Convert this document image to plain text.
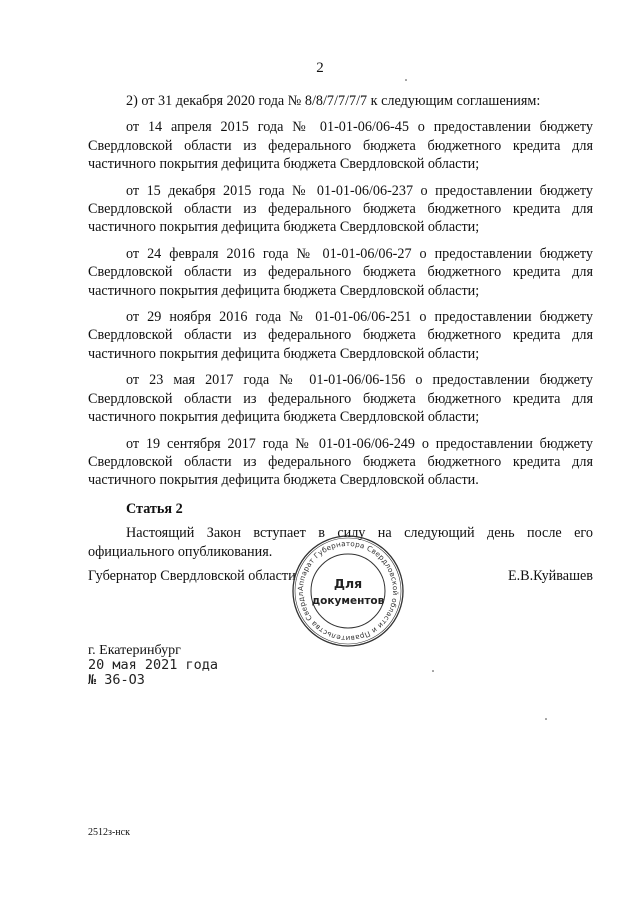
2

2) от 31 декабря 2020 года № 8/8/7/7/7/7 к следующим соглашениям:

от 14 апреля 2015 года № 01-01-06/06-45 о предоставлении бюджету Свердловской области из федерального бюджета бюджетного кредита для частичного покрытия дефицита бюджета Свердловской области;

от 15 декабря 2015 года № 01-01-06/06-237 о предоставлении бюджету Свердловской области из федерального бюджета бюджетного кредита для частичного покрытия дефицита бюджета Свердловской области;

от 24 февраля 2016 года № 01-01-06/06-27 о предоставлении бюджету Свердловской области из федерального бюджета бюджетного кредита для частичного покрытия дефицита бюджета Свердловской области;

от 29 ноября 2016 года № 01-01-06/06-251 о предоставлении бюджету Свердловской области из федерального бюджета бюджетного кредита для частичного покрытия дефицита бюджета Свердловской области;

от 23 мая 2017 года № 01-01-06/06-156 о предоставлении бюджету Свердловской области из федерального бюджета бюджетного кредита для частичного покрытия дефицита бюджета Свердловской области;

от 19 сентября 2017 года № 01-01-06/06-249 о предоставлении бюджету Свердловской области из федерального бюджета бюджетного кредита для частичного покрытия дефицита бюджета Свердловской области.

Статья 2

Настоящий Закон вступает в силу на следующий день после его официального опубликования.

Губернатор Свердловской области	Е.В.Куйвашев
Аппарат Губернатора Свердловской области и Правительства Свердл
Для
документов
г. Екатеринбург
20 мая 2021 года
№ 36-ОЗ
2512з-нск
